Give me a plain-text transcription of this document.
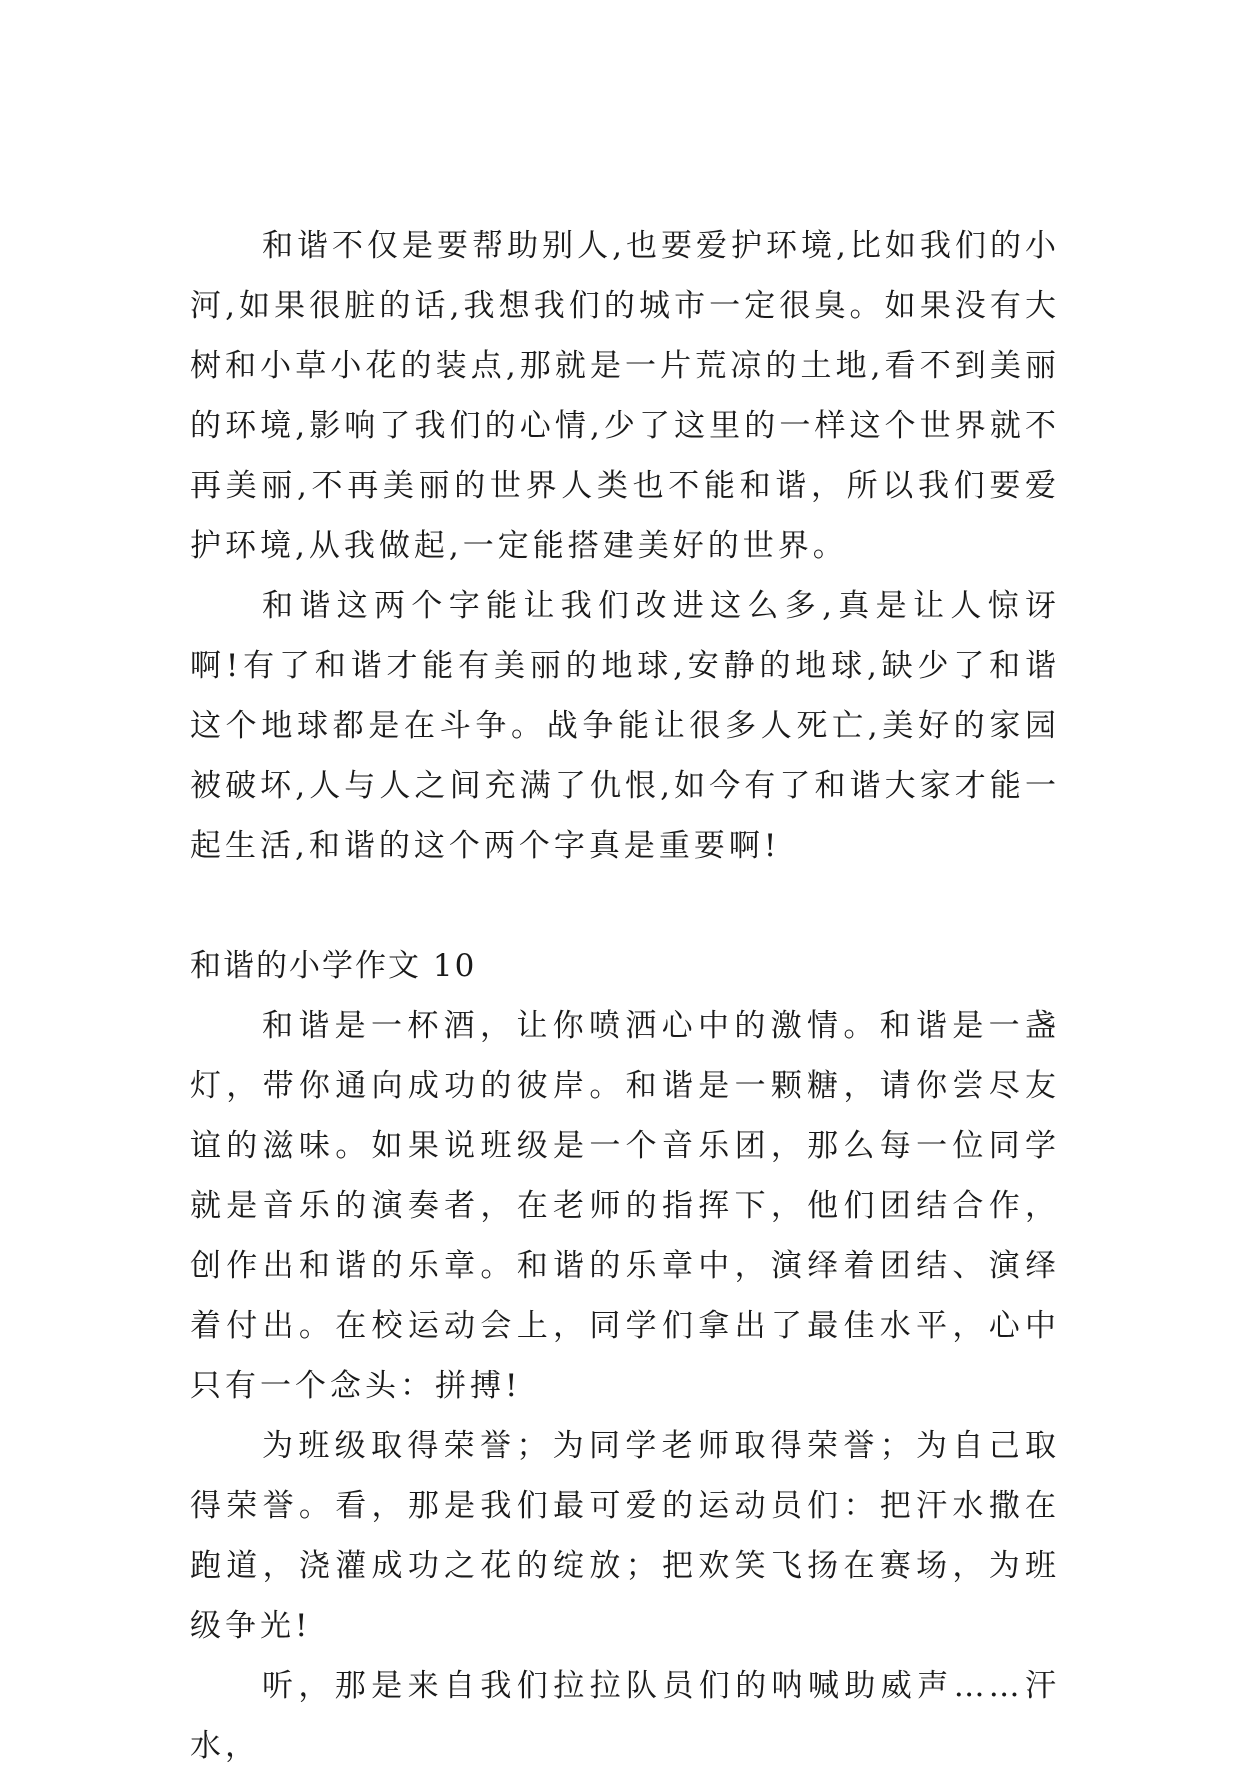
和谐不仅是要帮助别人,也要爱护环境,比如我们的小河,如果很脏的话,我想我们的城市一定很臭。如果没有大树和小草小花的装点,那就是一片荒凉的土地,看不到美丽的环境,影响了我们的心情,少了这里的一样这个世界就不再美丽,不再美丽的世界人类也不能和谐，所以我们要爱护环境,从我做起,一定能搭建美好的世界。

和谐这两个字能让我们改进这么多,真是让人惊讶啊!有了和谐才能有美丽的地球,安静的地球,缺少了和谐这个地球都是在斗争。战争能让很多人死亡,美好的家园被破坏,人与人之间充满了仇恨,如今有了和谐大家才能一起生活,和谐的这个两个字真是重要啊!

和谐的小学作文 10

和谐是一杯酒，让你喷洒心中的激情。和谐是一盏灯，带你通向成功的彼岸。和谐是一颗糖，请你尝尽友谊的滋味。如果说班级是一个音乐团，那么每一位同学就是音乐的演奏者，在老师的指挥下，他们团结合作，创作出和谐的乐章。和谐的乐章中，演绎着团结、演绎着付出。在校运动会上，同学们拿出了最佳水平，心中只有一个念头：拼搏!

为班级取得荣誉；为同学老师取得荣誉；为自己取得荣誉。看，那是我们最可爱的运动员们：把汗水撒在跑道，浇灌成功之花的绽放；把欢笑飞扬在赛场，为班级争光!

听，那是来自我们拉拉队员们的呐喊助威声……汗水，
